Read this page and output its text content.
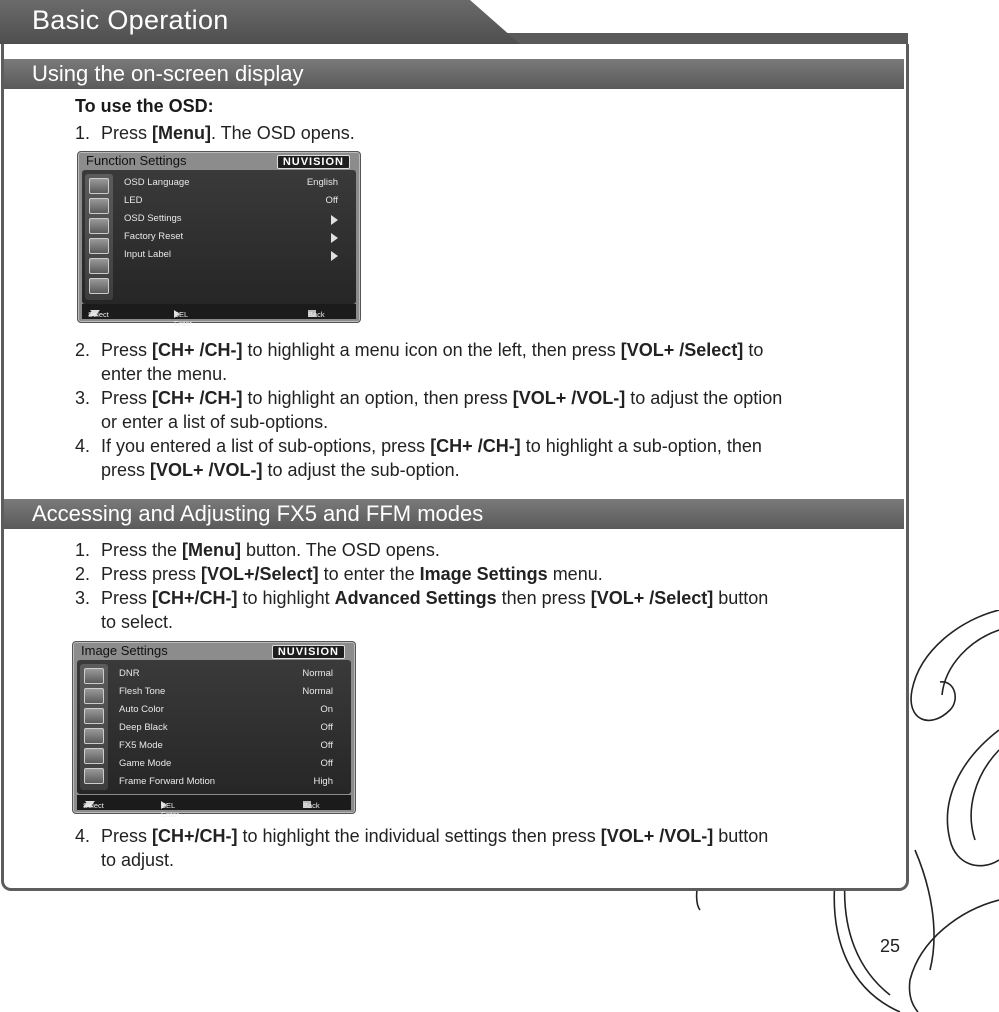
Basic Operation
Using the on-screen display
To use the OSD:
1. Press [Menu]. The OSD opens.
Function Settings	NUVISION
OSD Language	English
LED	Off
OSD Settings
Factory Reset
Input Label
Select	SEL Enter
Back
2. Press [CH+ /CH-] to highlight a menu icon on the left, then press [VOL+ /Select] to
enter the menu.
3. Press [CH+ /CH-] to highlight an option, then press [VOL+ /VOL-] to adjust the option
or enter a list of sub-options.
4. If you entered a list of sub-options, press [CH+ /CH-] to highlight a sub-option, then
press [VOL+ /VOL-] to adjust the sub-option.
Accessing and Adjusting FX5 and FFM modes
1. Press the [Menu] button. The OSD opens.
2. Press press [VOL+/Select] to enter the Image Settings menu.
3. Press [CH+/CH-] to highlight Advanced Settings then press [VOL+ /Select] button
to select.
Image Settings	NUVISION
DNR	Normal
Flesh Tone	Normal
Auto Color	On
Deep Black	Off
FX5 Mode	Off
Game Mode	Off
Frame Forward Motion	High
Select	SEL Enter
Back
4. Press [CH+/CH-] to highlight the individual settings then press [VOL+ /VOL-] button
to adjust.
25
